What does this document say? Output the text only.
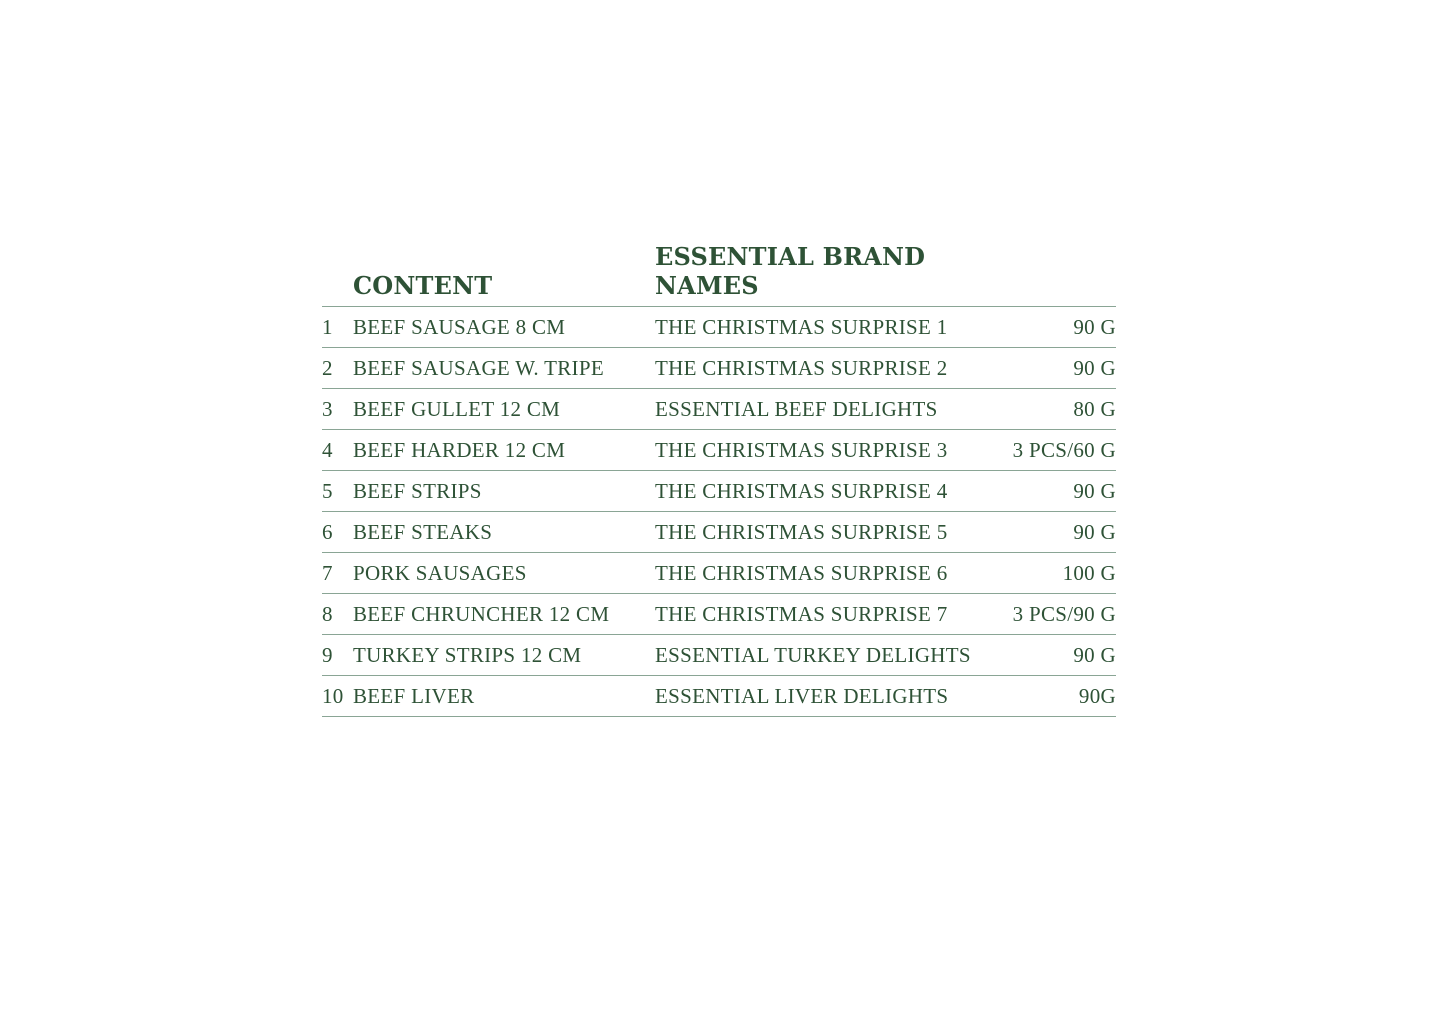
CONTENT
ESSENTIAL BRAND NAMES
1 BEEF SAUSAGE 8 CM	THE CHRISTMAS SURPRISE 1	90 G
2 BEEF SAUSAGE W. TRIPE	THE CHRISTMAS SURPRISE 2	90 G
3 BEEF GULLET 12 CM	ESSENTIAL BEEF DELIGHTS	80 G
4 BEEF HARDER 12 CM	THE CHRISTMAS SURPRISE 3	3 PCS/60 G
5 BEEF STRIPS	THE CHRISTMAS SURPRISE 4	90 G
6 BEEF STEAKS	THE CHRISTMAS SURPRISE 5	90 G
7 PORK SAUSAGES	THE CHRISTMAS SURPRISE 6	100 G
8 BEEF CHRUNCHER 12 CM	THE CHRISTMAS SURPRISE 7	3 PCS/90 G
9 TURKEY STRIPS 12 CM	ESSENTIAL TURKEY DELIGHTS	90 G
10 BEEF LIVER	ESSENTIAL LIVER DELIGHTS	90G
